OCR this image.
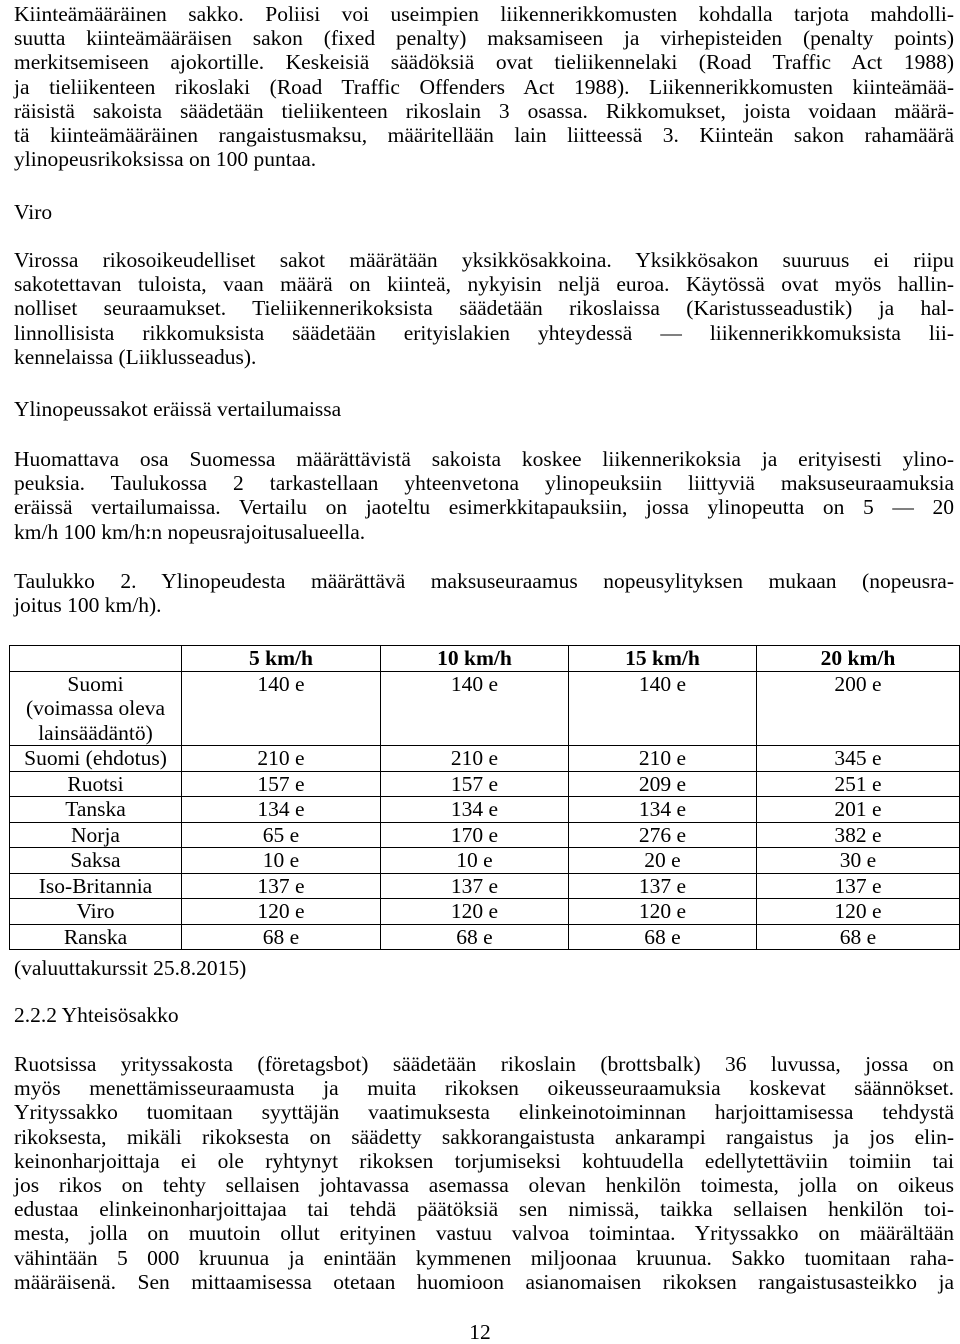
Kiinteämääräinen sakko. Poliisi voi useimpien liikennerikkomusten kohdalla tarjota mahdolli-
suutta kiinteämääräisen sakon (fixed penalty) maksamiseen ja virhepisteiden (penalty points)
merkitsemiseen ajokortille. Keskeisiä säädöksiä ovat tieliikennelaki (Road Traffic Act 1988)
ja tieliikenteen rikoslaki (Road Traffic Offenders Act 1988). Liikennerikkomusten kiinteämää-
räisistä sakoista säädetään tieliikenteen rikoslain 3 osassa. Rikkomukset, joista voidaan määrä-
tä kiinteämääräinen rangaistusmaksu, määritellään lain liitteessä 3. Kiinteän sakon rahamäärä
ylinopeusrikoksissa on 100 puntaa.
Viro
Virossa rikosoikeudelliset sakot määrätään yksikkösakkoina. Yksikkösakon suuruus ei riipu
sakotettavan tuloista, vaan määrä on kiinteä, nykyisin neljä euroa. Käytössä ovat myös hallin-
nolliset seuraamukset. Tieliikennerikoksista säädetään rikoslaissa (Karistusseadustik) ja hal-
linnollisista rikkomuksista säädetään erityislakien yhteydessä — liikennerikkomuksista lii-
kennelaissa (Liiklusseadus).
Ylinopeussakot eräissä vertailumaissa
Huomattava osa Suomessa määrättävistä sakoista koskee liikennerikoksia ja erityisesti ylino-
peuksia. Taulukossa 2 tarkastellaan yhteenvetona ylinopeuksiin liittyviä maksuseuraamuksia
eräissä vertailumaissa. Vertailu on jaoteltu esimerkkitapauksiin, jossa ylinopeutta on 5 — 20
km/h 100 km/h:n nopeusrajoitusalueella.
Taulukko 2. Ylinopeudesta määrättävä maksuseuraamus nopeusylityksen mukaan (nopeusra-
joitus 100 km/h).
	5 km/h	10 km/h	15 km/h	20 km/h
Suomi
(voimassa oleva
lainsäädäntö)	140 e	140 e	140 e	200 e
Suomi (ehdotus)	210 e	210 e	210 e	345 e
Ruotsi	157 e	157 e	209 e	251 e
Tanska	134 e	134 e	134 e	201 e
Norja	65 e	170 e	276 e	382 e
Saksa	10 e	10 e	20 e	30 e
Iso-Britannia	137 e	137 e	137 e	137 e
Viro	120 e	120 e	120 e	120 e
Ranska	68 e	68 e	68 e	68 e
(valuuttakurssit 25.8.2015)
2.2.2 Yhteisösakko
Ruotsissa yrityssakosta (företagsbot) säädetään rikoslain (brottsbalk) 36 luvussa, jossa on
myös menettämisseuraamusta ja muita rikoksen oikeusseuraamuksia koskevat säännökset.
Yrityssakko tuomitaan syyttäjän vaatimuksesta elinkeinotoiminnan harjoittamisessa tehdystä
rikoksesta, mikäli rikoksesta on säädetty sakkorangaistusta ankarampi rangaistus ja jos elin-
keinonharjoittaja ei ole ryhtynyt rikoksen torjumiseksi kohtuudella edellytettäviin toimiin tai
jos rikos on tehty sellaisen johtavassa asemassa olevan henkilön toimesta, jolla on oikeus
edustaa elinkeinonharjoittajaa tai tehdä päätöksiä sen nimissä, taikka sellaisen henkilön toi-
mesta, jolla on muutoin ollut erityinen vastuu valvoa toimintaa. Yrityssakko on määrältään
vähintään 5 000 kruunua ja enintään kymmenen miljoonaa kruunua. Sakko tuomitaan raha-
määräisenä. Sen mittaamisessa otetaan huomioon asianomaisen rikoksen rangaistusasteikko ja
12
